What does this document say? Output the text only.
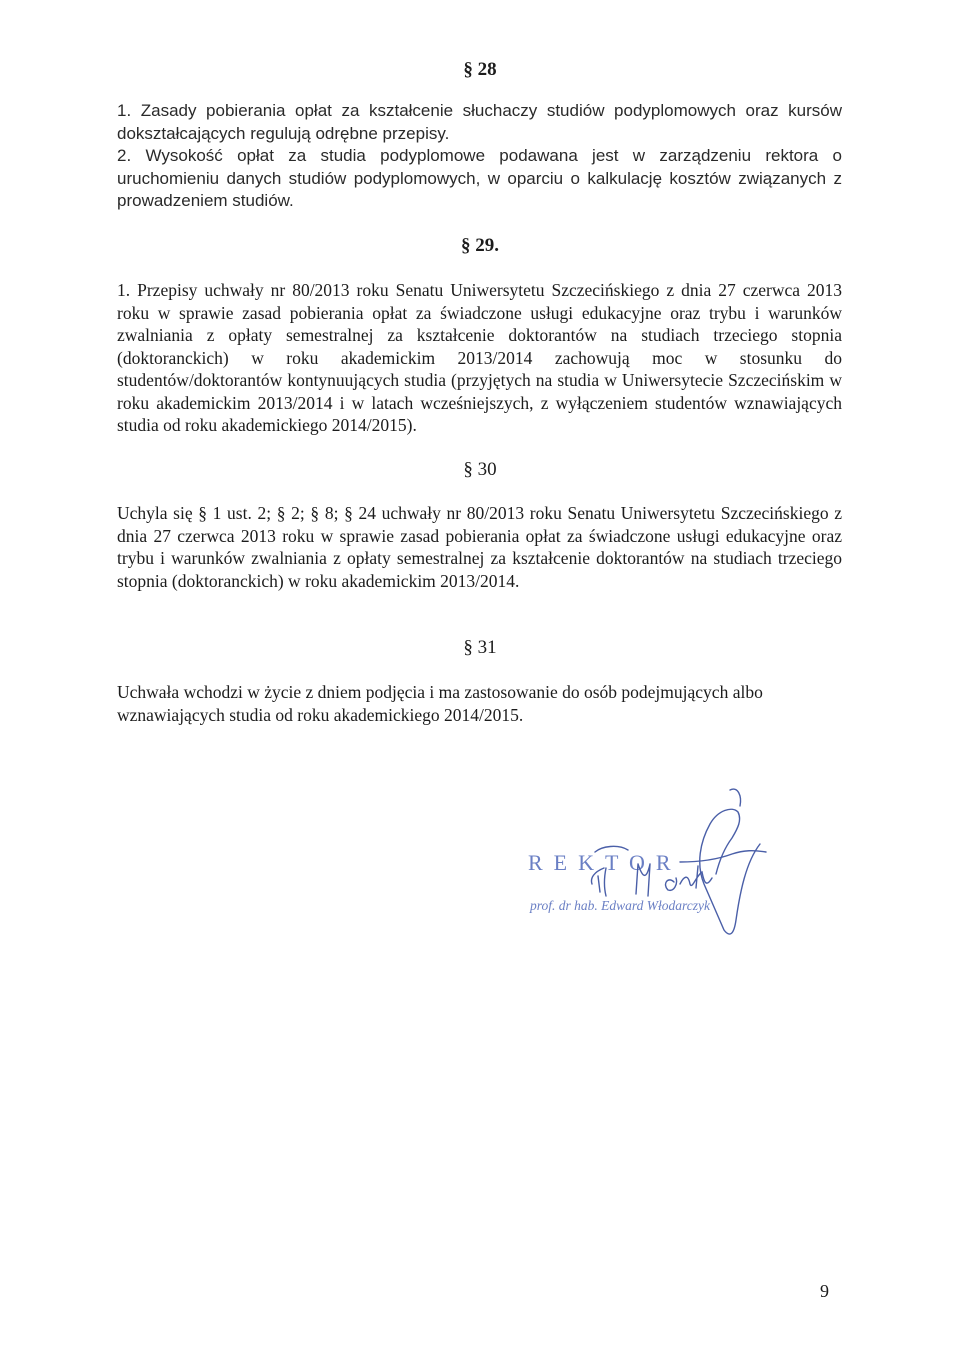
§ 28

1. Zasady pobierania opłat za kształcenie słuchaczy studiów podyplomowych oraz kursów dokształcających regulują odrębne przepisy.

2. Wysokość opłat za studia podyplomowe podawana jest w zarządzeniu rektora o uruchomieniu danych studiów podyplomowych, w oparciu o kalkulację kosztów związanych z prowadzeniem studiów.

§ 29.

1. Przepisy uchwały nr 80/2013 roku Senatu Uniwersytetu Szczecińskiego z dnia 27 czerwca 2013 roku w sprawie zasad pobierania opłat za świadczone usługi edukacyjne oraz trybu i warunków zwalniania z opłaty semestralnej za kształcenie doktorantów na studiach trzeciego stopnia (doktoranckich) w roku akademickim 2013/2014 zachowują moc w stosunku do studentów/doktorantów kontynuujących studia (przyjętych na studia w Uniwersytecie Szczecińskim w roku akademickim 2013/2014 i w latach wcześniejszych, z wyłączeniem studentów wznawiających studia od roku akademickiego 2014/2015).

§ 30

Uchyla się § 1 ust. 2; § 2; § 8; § 24 uchwały nr 80/2013 roku Senatu Uniwersytetu Szczecińskiego z dnia 27 czerwca 2013 roku w sprawie zasad pobierania opłat za świadczone usługi edukacyjne oraz trybu i warunków zwalniania z opłaty semestralnej za kształcenie doktorantów na studiach trzeciego stopnia (doktoranckich) w roku akademickim 2013/2014.

§ 31

Uchwała wchodzi w życie z dniem podjęcia i ma zastosowanie do osób podejmujących albo wznawiających studia od roku akademickiego 2014/2015.

REKTOR
prof. dr hab. Edward Włodarczyk
9
